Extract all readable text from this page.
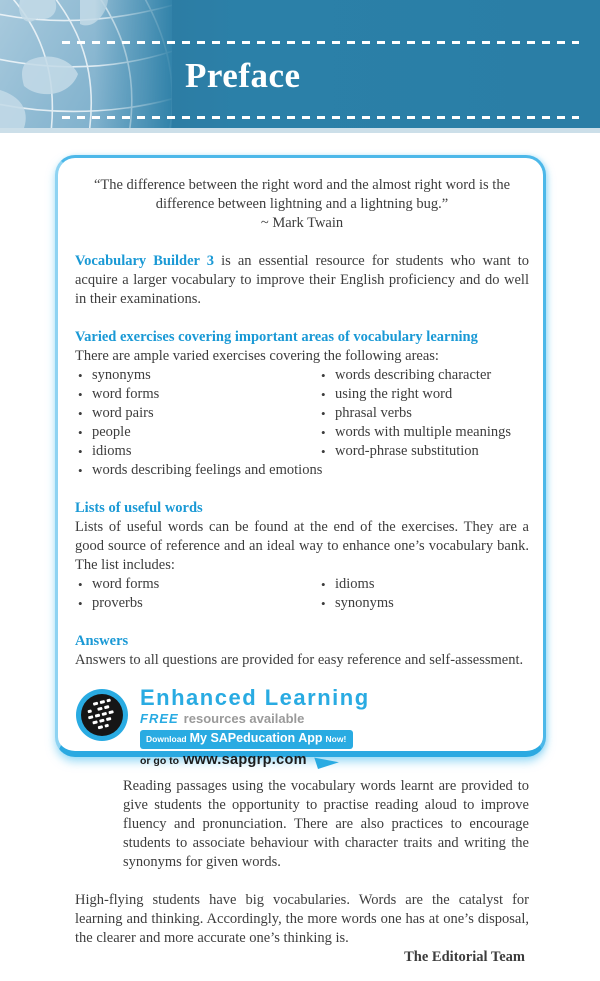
Preface
“The difference between the right word and the almost right word is the difference between lightning and a lightning bug.”
~ Mark Twain

Vocabulary Builder 3 is an essential resource for students who want to acquire a larger vocabulary to improve their English proficiency and do well in their examinations.

Varied exercises covering important areas of vocabulary learning
There are ample varied exercises covering the following areas:
• synonyms	• words describing character
• word forms	• using the right word
• word pairs	• phrasal verbs
• people	• words with multiple meanings
• idioms	• word-phrase substitution
• words describing feelings and emotions
Lists of useful words
Lists of useful words can be found at the end of the exercises. They are a good source of reference and an ideal way to enhance one’s vocabulary bank. The list includes:
• word forms	• idioms
• proverbs	• synonyms
Answers
Answers to all questions are provided for easy reference and self-assessment.
Enhanced Learning
FREE resources available
Download My SAPeducation App Now!
or go to www.sapgrp.com

Reading passages using the vocabulary words learnt are provided to give students the opportunity to practise reading aloud to improve fluency and pronunciation. There are also practices to encourage students to associate behaviour with character traits and writing the synonyms for given words.

High-flying students have big vocabularies. Words are the catalyst for learning and thinking. Accordingly, the more words one has at one’s disposal, the clearer and more accurate one’s thinking is.

The Editorial Team
